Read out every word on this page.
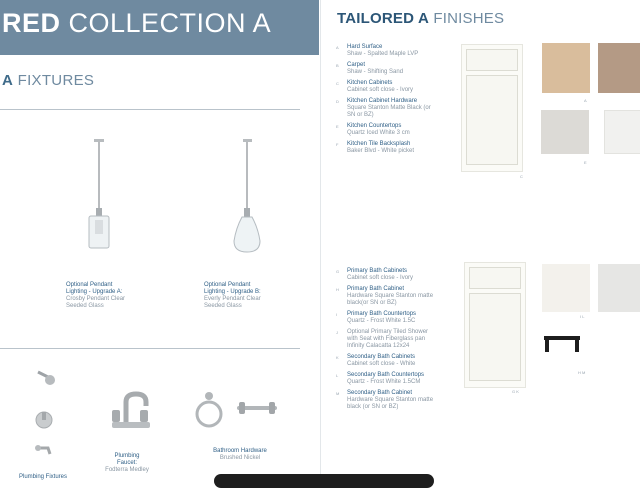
RED COLLECTION A
A FIXTURES
Optional Pendant
Lighting - Upgrade A:
Crosby Pendant Clear
Seeded Glass
Optional Pendant
Lighting - Upgrade B:
Everly Pendant Clear
Seeded Glass
Plumbing Fixtures
Plumbing
Faucet:
Fodterra Medley
Bathroom Hardware
Brushed Nickel
TAILORED A FINISHES
A	Hard Surface
Shaw - Spalted Maple LVP
B	Carpet
Shaw - Shifting Sand
C	Kitchen Cabinets
Cabinet soft close - Ivory
D	Kitchen Cabinet Hardware
Square Stanton Matte Black (or SN or BZ)
E	Kitchen Countertops
Quartz Iced White 3 cm
F	Kitchen Tile Backsplash
Baker Blvd - White picket
G	Primary Bath Cabinets
Cabinet soft close - Ivory
H	Primary Bath Cabinet
Hardware Square Stanton matte black(or SN or BZ)
I	Primary Bath Countertops
Quartz - Frost White 1.5C
J	Optional Primary Tiled Shower with Seat with Fiberglass pan Infinity Calacatta 12x24
K	Secondary Bath Cabinets
Cabinet soft close - White
L	Secondary Bath Countertops
Quartz - Frost White 1.5CM
M	Secondary Bath Cabinet
Hardware Square Stanton matte black (or SN or BZ)
C
A
E
G K
I L
H M
